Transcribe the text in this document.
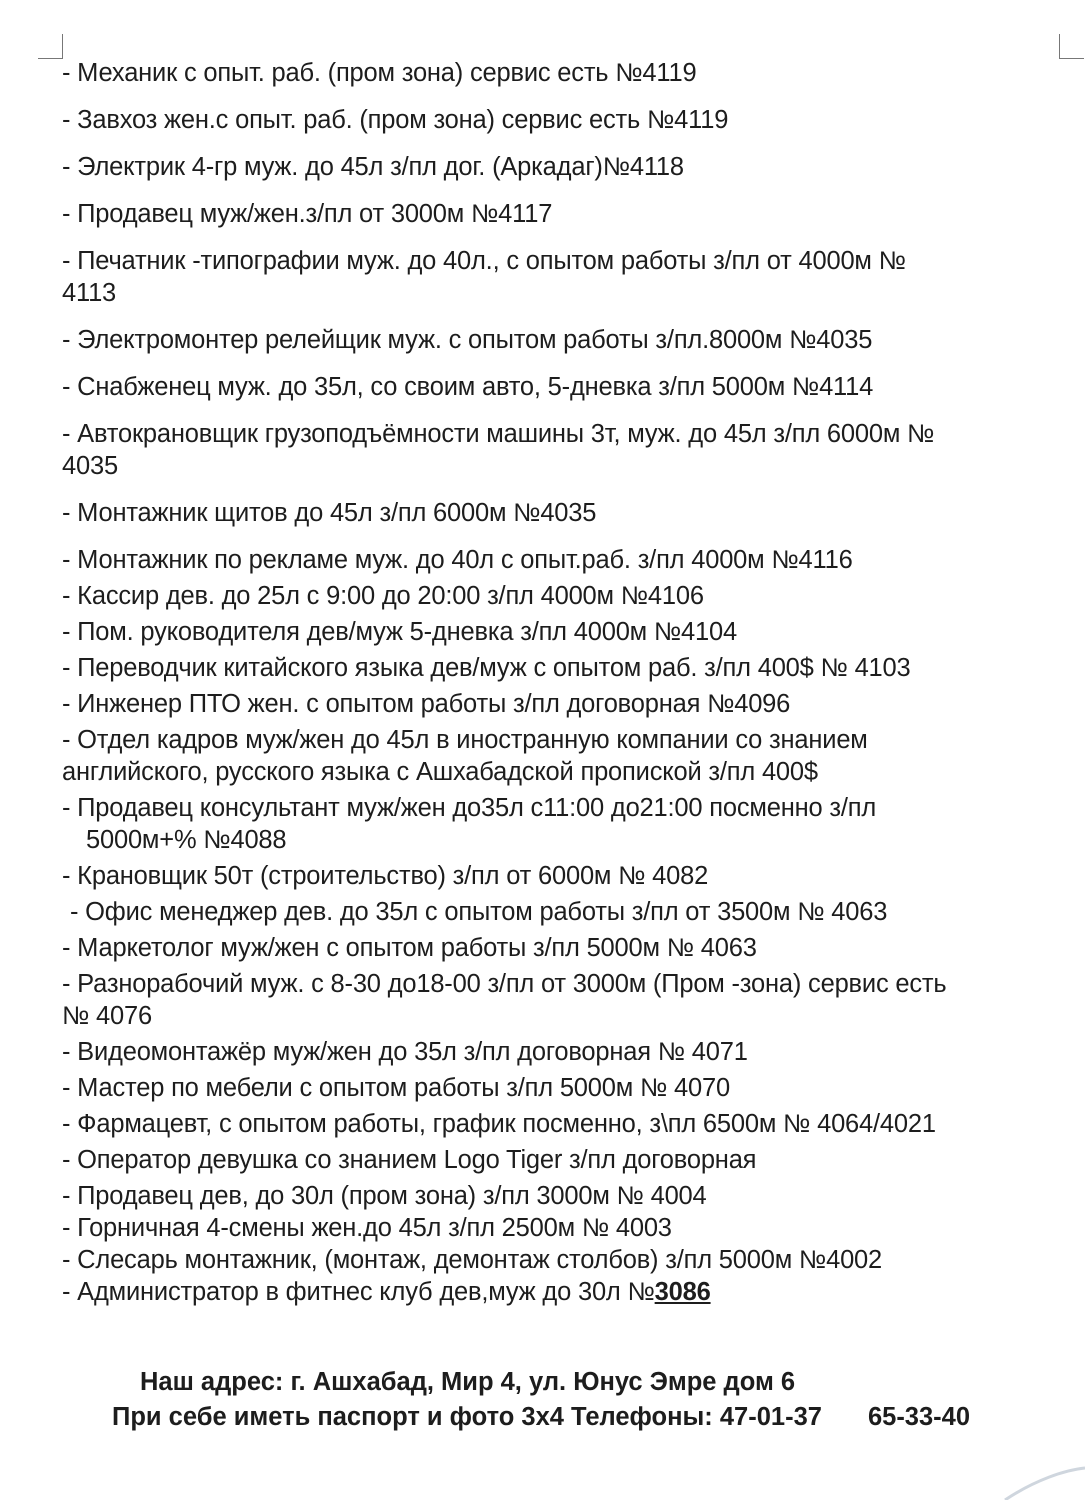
- Механик с опыт. раб. (пром зона) сервис есть №4119
- Завхоз жен.с опыт. раб. (пром зона) сервис есть №4119
- Электрик 4-гр муж. до 45л з/пл дог. (Аркадаг)№4118
- Продавец муж/жен.з/пл от 3000м №4117
- Печатник -типографии муж. до 40л., с опытом работы з/пл от 4000м №
4113
- Электромонтер релейщик муж. с опытом работы з/пл.8000м №4035
- Снабженец муж. до 35л, со своим авто, 5-дневка з/пл 5000м №4114
- Автокрановщик грузоподъёмности машины 3т, муж. до 45л з/пл 6000м №
4035
- Монтажник щитов до 45л з/пл 6000м №4035
- Монтажник по рекламе муж. до 40л с опыт.раб. з/пл 4000м №4116
- Кассир дев. до 25л с 9:00 до 20:00 з/пл 4000м №4106
- Пом. руководителя дев/муж 5-дневка з/пл 4000м №4104
- Переводчик китайского языка дев/муж с опытом раб. з/пл 400$ № 4103
- Инженер ПТО жен. с опытом работы з/пл договорная №4096
- Отдел кадров муж/жен до 45л в иностранную компании со знанием
английского, русского языка с Ашхабадской пропиской з/пл 400$
- Продавец консультант муж/жен до35л с11:00 до21:00 посменно з/пл
5000м+% №4088
- Крановщик 50т (строительство) з/пл от 6000м № 4082
- Офис менеджер дев. до 35л с опытом работы з/пл от 3500м № 4063
- Маркетолог муж/жен с опытом работы з/пл 5000м № 4063
- Разнорабочий муж. с 8-30 до18-00 з/пл от 3000м (Пром -зона) сервис есть
№ 4076
- Видеомонтажёр муж/жен до 35л з/пл договорная № 4071
- Мастер по мебели с опытом работы з/пл 5000м № 4070
- Фармацевт, с опытом работы, график посменно, з\пл 6500м № 4064/4021
- Оператор девушка со знанием Logo Tiger з/пл договорная
- Продавец дев, до 30л (пром зона) з/пл 3000м № 4004
- Горничная 4-смены жен.до 45л з/пл 2500м № 4003
- Слесарь монтажник, (монтаж, демонтаж столбов) з/пл 5000м №4002
- Администратор в фитнес клуб дев,муж до 30л №3086
Наш адрес: г. Ашхабад, Мир 4, ул. Юнус Эмре дом 6
При себе иметь паспорт и фото 3х4 Телефоны: 47-01-37 65-33-40
